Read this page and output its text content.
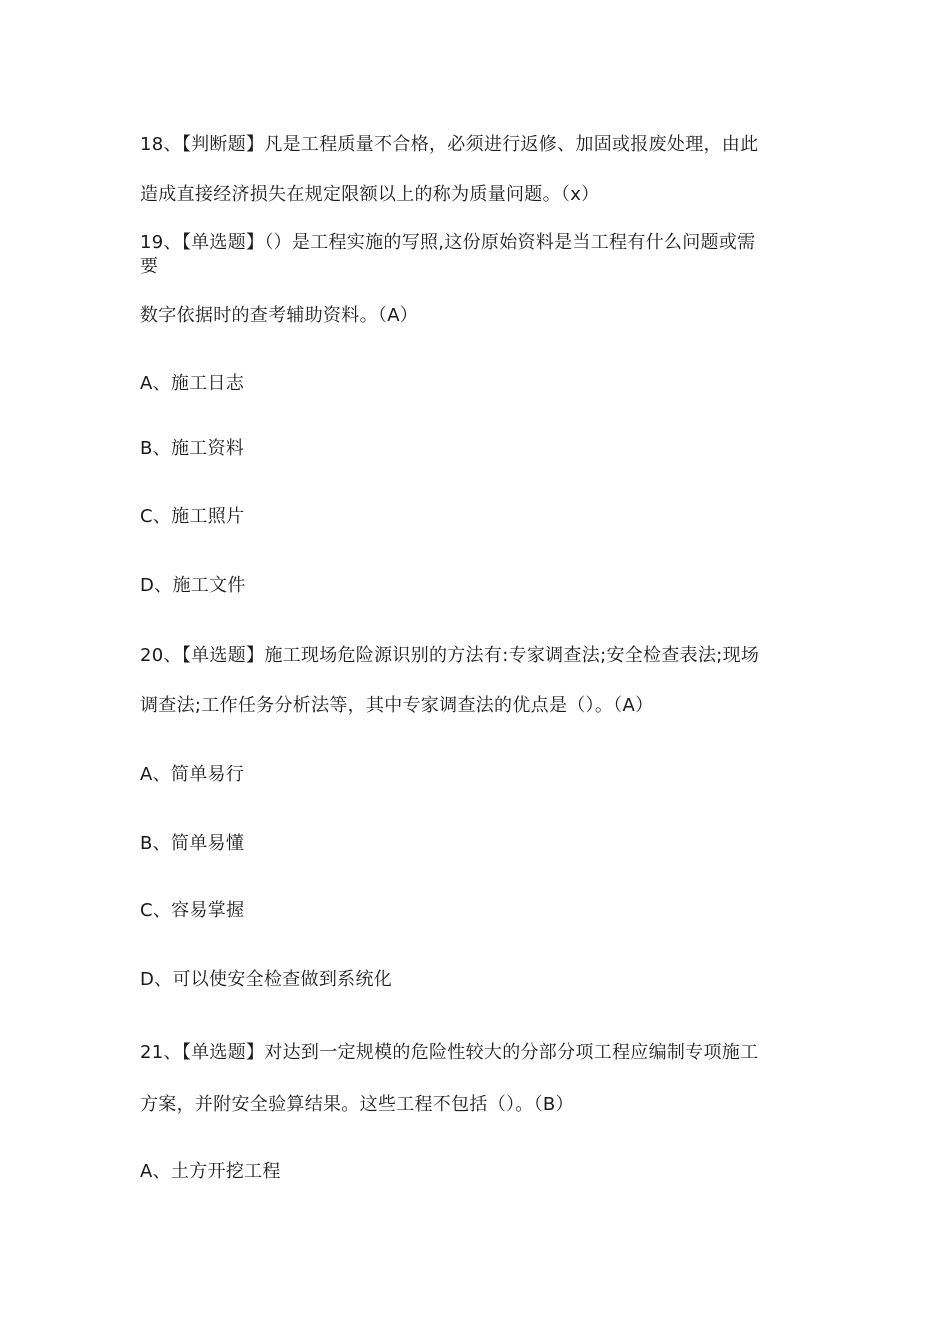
18、【判断题】凡是工程质量不合格，必须进行返修、加固或报废处理，由此
造成直接经济损失在规定限额以上的称为质量问题。（x）
19、【单选题】（）是工程实施的写照,这份原始资料是当工程有什么问题或需
要
数字依据时的查考辅助资料。（A）
A、施工日志
B、施工资料
C、施工照片
D、施工文件
20、【单选题】施工现场危险源识别的方法有:专家调查法;安全检查表法;现场
调查法;工作任务分析法等，其中专家调查法的优点是（）。（A）
A、简单易行
B、简单易懂
C、容易掌握
D、可以使安全检查做到系统化
21、【单选题】对达到一定规模的危险性较大的分部分项工程应编制专项施工
方案，并附安全验算结果。这些工程不包括（）。（B）
A、土方开挖工程
